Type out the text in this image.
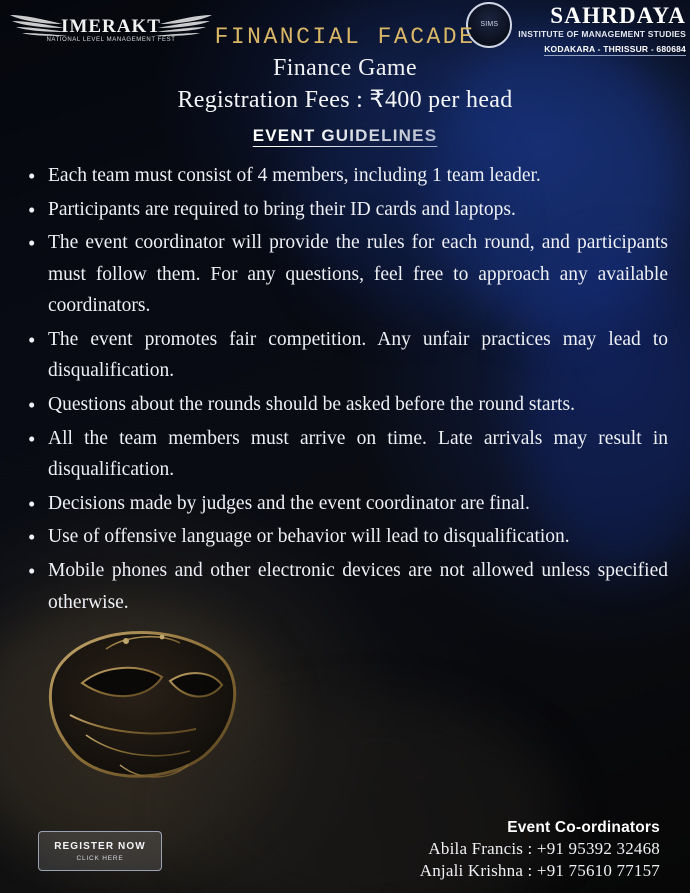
IMERAKT
NATIONAL LEVEL MANAGEMENT FEST
SIMS	SAHRDAYA
INSTITUTE OF MANAGEMENT STUDIES
KODAKARA - THRISSUR - 680684
FINANCIAL FACADE
Finance Game
Registration Fees : ₹400 per head
EVENT GUIDELINES
• Each team must consist of 4 members, including 1 team leader.
• Participants are required to bring their ID cards and laptops.
• The event coordinator will provide the rules for each round, and participants must follow them. For any questions, feel free to approach any available coordinators.
• The event promotes fair competition. Any unfair practices may lead to disqualification.
• Questions about the rounds should be asked before the round starts.
• All the team members must arrive on time. Late arrivals may result in disqualification.
• Decisions made by judges and the event coordinator are final.
• Use of offensive language or behavior will lead to disqualification.
• Mobile phones and other electronic devices are not allowed unless specified otherwise.
REGISTER NOW
CLICK HERE
Event Co-ordinators
Abila Francis : +91 95392 32468
Anjali Krishna : +91 75610 77157
